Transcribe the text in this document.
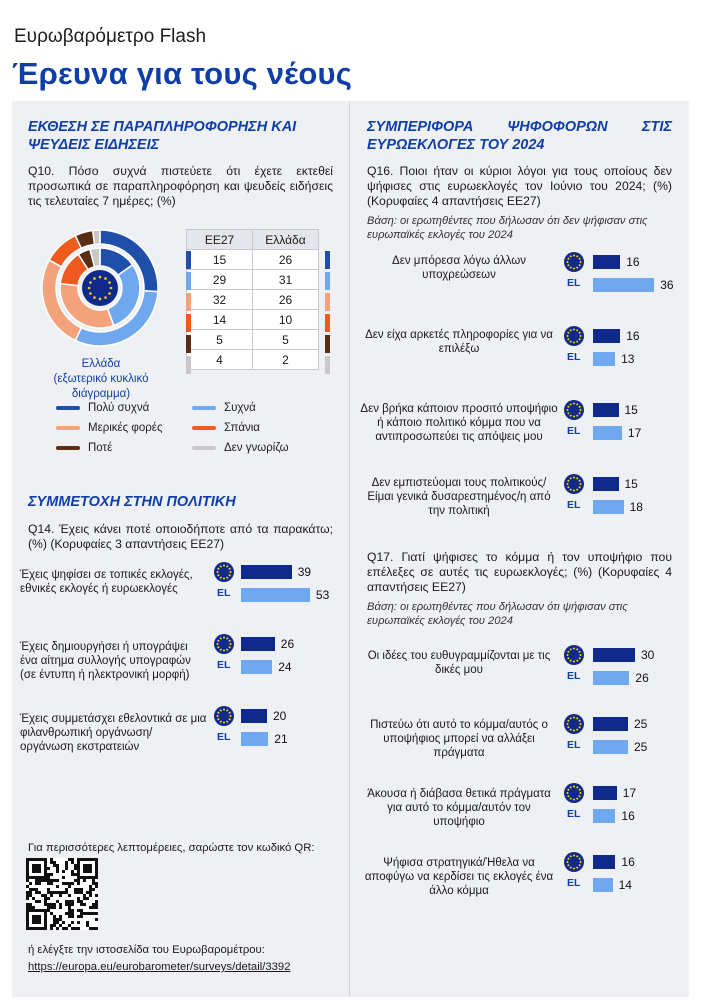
Ευρωβαρόμετρο Flash
Έρευνα για τους νέους
ΕΚΘΕΣΗ ΣΕ ΠΑΡΑΠΛΗΡΟΦΟΡΗΣΗ ΚΑΙ ΨΕΥΔΕΙΣ ΕΙΔΗΣΕΙΣ
Q10. Πόσο συχνά πιστεύετε ότι έχετε εκτεθεί προσωπικά σε παραπληροφόρηση και ψευδείς ειδήσεις τις τελευταίες 7 ημέρες; (%)
Ελλάδα
(εξωτερικό κυκλικό διάγραμμα)
ΕΕ27	Ελλάδα
15	26
29	31
32	26
14	10
5	5
4	2
Πολύ συχνά	Συχνά
Μερικές φορές	Σπάνια
Ποτέ	Δεν γνωρίζω
ΣΥΜΜΕΤΟΧΗ ΣΤΗΝ ΠΟΛΙΤΙΚΗ
Q14. Έχεις κάνει ποτέ οποιοδήποτε από τα παρακάτω; (%) (Κορυφαίες 3 απαντήσεις ΕΕ27)
Έχεις ψηφίσει σε τοπικές εκλογές, εθνικές εκλογές ή ευρωεκλογές	EL
39
53
Έχεις δημιουργήσει ή υπογράψει ένα αίτημα συλλογής υπογραφών (σε έντυπη ή ηλεκτρονική μορφή)
EL
26
24
Έχεις συμμετάσχει εθελοντικά σε μια φιλανθρωπική οργάνωση/ οργάνωση εκστρατειών
EL
20
21
Για περισσότερες λεπτομέρειες, σαρώστε τον κωδικό QR:
ή ελέγξτε την ιστοσελίδα του Ευρωβαρομέτρου:
https://europa.eu/eurobarometer/surveys/detail/3392
ΣΥΜΠΕΡΙΦΟΡΑ ΨΗΦΟΦΟΡΩΝ ΣΤΙΣ ΕΥΡΩΕΚΛΟΓΕΣ ΤΟΥ 2024
Q16. Ποιοι ήταν οι κύριοι λόγοι για τους οποίους δεν ψήφισες στις ευρωεκλογές τον Ιούνιο του 2024; (%) (Κορυφαίες 4 απαντήσεις ΕΕ27)
Βάση: οι ερωτηθέντες που δήλωσαν ότι δεν ψήφισαν στις ευρωπαϊκές εκλογές του 2024
Δεν μπόρεσα λόγω άλλων υποχρεώσεων
EL
16
36
Δεν είχα αρκετές πληροφορίες για να επιλέξω
EL
16
13
Δεν βρήκα κάποιον πρoσιτό υποψήφιο ή κάποιο πολιτικό κόμμα που να αντιπροσωπεύει τις απόψεις μου	EL
15
17
Δεν εμπιστεύομαι τους πολιτικούς/ Είμαι γενικά δυσαρεστημένος/η από την πολιτική	EL
15
18
Q17. Γιατί ψήφισες το κόμμα ή τον υποψήφιο που επέλεξες σε αυτές τις ευρωεκλογές; (%) (Κορυφαίες 4 απαντήσεις ΕΕ27)
Βάση: οι ερωτηθέντες που δήλωσαν ότι ψήφισαν στις ευρωπαϊκές εκλογές του 2024
Οι ιδέες του ευθυγραμμίζονται με τις δικές μου	EL
30
26
Πιστεύω ότι αυτό το κόμμα/αυτός ο υποψήφιος μπορεί να αλλάξει πράγματα
EL
25
25
Άκουσα ή διάβασα θετικά πράγματα για αυτό το κόμμα/αυτόν τον υποψήφιο
EL
17
16
Ψήφισα στρατηγικά/Ήθελα να αποφύγω να κερδίσει τις εκλογές ένα άλλο κόμμα
EL
16
14
